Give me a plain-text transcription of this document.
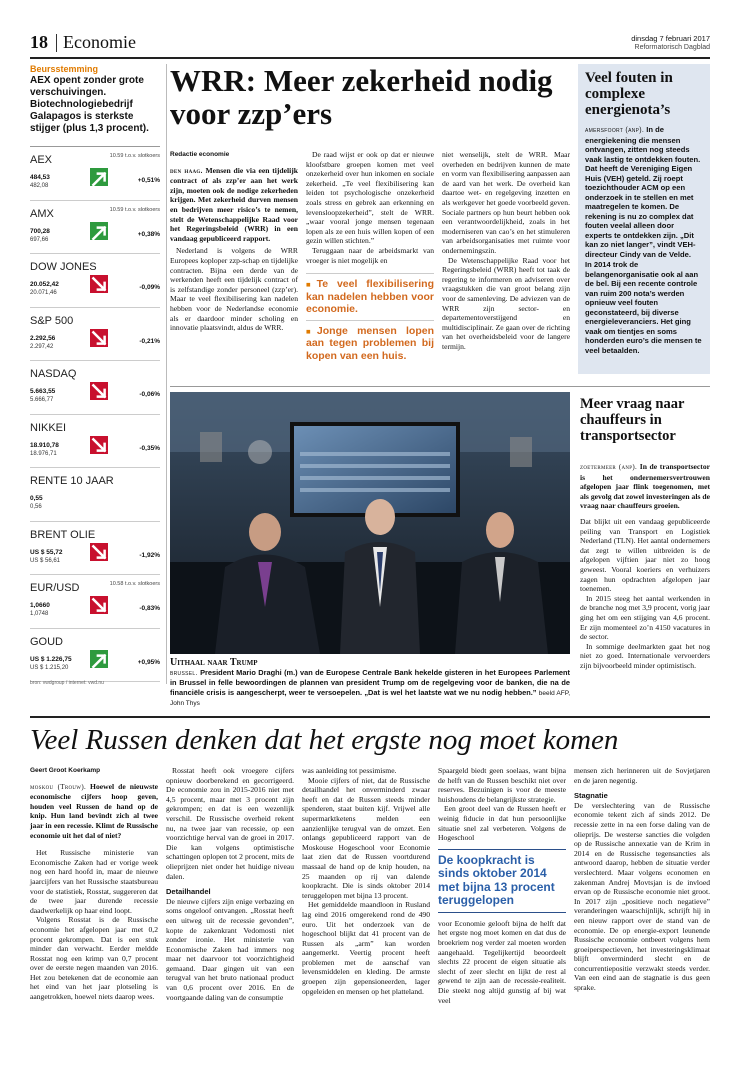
18 Economie	dinsdag 7 februari 2017
Reformatorisch Dagblad
Beursstemming
AEX opent zonder grote verschuivingen. Biotechnologiebedrijf Galapagos is sterkste stijger (plus 1,3 procent).
AEX	10.59 t.o.v. slotkoers
484,53
482,08
+0,51%
AMX	10.59 t.o.v. slotkoers
700,28
697,66
+0,38%
DOW JONES
20.052,42
20.071,46
-0,09%
S&P 500
2.292,56
2.297,42
-0,21%
NASDAQ
5.663,55
5.666,77
-0,06%
NIKKEI
18.910,78
18.976,71
-0,35%
RENTE 10 JAAR
0,55
0,56
BRENT OLIE
US $ 55,72
US $ 56,61
-1,92%
EUR/USD	10.58 t.o.v. slotkoers
1,0660
1,0748
-0,83%
GOUD
US $ 1.226,75
US $ 1.215,20
+0,95%
bron: vwdgroup / internet: vwd.nu
WRR: Meer zekerheid nodig voor zzp’ers

Redactie economie

den haag. Mensen die via een tijdelijk contract of als zzp’er aan het werk zijn, moeten ook de nodige zekerheden krijgen. Met zekerheid durven mensen en bedrijven meer risico’s te nemen, stelt de Wetenschappelijke Raad voor het Regeringsbeleid (WRR) in een vandaag gepubliceerd rapport.

Nederland is volgens de WRR Europees koploper zzp-schap en tijdelijke contracten. Bijna een derde van de werkenden heeft een tijdelijk contract of is zelfstandige zonder personeel (zzp’er). Maar te veel flexibilisering kan nadelen hebben voor de Nederlandse economie als er daardoor minder scholing en innovatie plaatsvindt, aldus de WRR.

De raad wijst er ook op dat er nieuwe kloofstbare groepen komen met veel onzekerheid over hun inkomen en sociale zekerheid. „Te veel flexibilisering kan leiden tot psychologische onzekerheid zoals stress en gebrek aan erkenning en levensloopzekerheid”, stelt de WRR. „waar vooral jonge mensen tegenaan lopen als ze een huis willen kopen of een gezin willen stichten.”

Teruggaan naar de arbeidsmarkt van vroeger is niet mogelijk en

■Te veel flexibilisering kan nadelen hebben voor economie.
■Jonge mensen lopen aan tegen problemen bij kopen van een huis.

niet wenselijk, stelt de WRR. Maar overheden en bedrijven kunnen de mate en vorm van flexibilisering aanpassen aan de aard van het werk. De overheid kan daartoe wet- en regelgeving inzetten en als werkgever het goede voorbeeld geven. Sociale partners op hun beurt hebben ook een verantwoordelijkheid, zoals in het moderniseren van cao’s en het stimuleren van arbeidsorganisaties met ruimte voor ondernemingszin.

De Wetenschappelijke Raad voor het Regeringsbeleid (WRR) heeft tot taak de regering te informeren en adviseren over vraagstukken die van groot belang zijn voor de samenleving. De adviezen van de WRR zijn sector- en departementoverstijgend en multidisciplinair. Ze gaan over de richting van het overheidsbeleid voor de langere termijn.

Veel fouten in complexe energienota’s
amersfoort (anp). In de energiekening die mensen ontvangen, zitten nog steeds vaak lastig te ontdekken fouten. Dat heeft de Vereniging Eigen Huis (VEH) geteld. Zij roept toezichthouder ACM op een onderzoek in te stellen en met maatregelen te komen. De rekening is nu zo complex dat fouten veelal alleen door experts te ontdekken zijn. „Dit kan zo niet langer”, vindt VEH-directeur Cindy van de Velde.
In 2014 trok de belangenorganisatie ook al aan de bel. Bij een recente controle van ruim 200 nota’s werden opnieuw veel fouten geconstateerd, bij diverse energieleveranciers. Het ging vaak om tientjes en soms honderden euro’s die mensen te veel betaalden.
Uithaal naar Trump

brussel. President Mario Draghi (m.) van de Europese Centrale Bank hekelde gisteren in het Europees Parlement in Brussel in felle bewoordingen de plannen van president Trump om de regelgeving voor de banken, die na de financiële crisis is aangescherpt, weer te versoepelen. „Dat is wel het laatste wat we nu nodig hebben.” beeld AFP, John Thys

Meer vraag naar chauffeurs in transportsector

zoetermeer (anp). In de transportsector is het ondernemersvertrouwen afgelopen jaar flink toegenomen, met als gevolg dat zowel investeringen als de vraag naar chauffeurs groeien.

Dat blijkt uit een vandaag gepubliceerde peiling van Transport en Logistiek Nederland (TLN). Het aantal ondernemers dat zegt te willen uitbreiden is de afgelopen vijftien jaar niet zo hoog geweest. Vooral koeriers en verhuizers zagen hun opdrachten afgelopen jaar toenemen.

In 2015 steeg het aantal werkenden in de branche nog met 3,9 procent, vorig jaar ging het om een stijging van 4,6 procent. Er zijn momenteel zo’n 4150 vacatures in de sector.

In sommige deelmarkten gaat het nog niet zo goed. Internationale vervoerders zijn bijvoorbeeld minder optimistisch.

Veel Russen denken dat het ergste nog moet komen

Geert Groot Koerkamp

moskou (Trouw). Hoewel de nieuwste economische cijfers hoop geven, houden veel Russen de hand op de knip. Hun land bevindt zich al twee jaar in een recessie. Klimt de Russische economie uit het dal of niet?

Het Russische ministerie van Economische Zaken had er vorige week nog een hard hoofd in, maar de nieuwe jaarcijfers van het Russische staatsbureau voor de statistiek, Rosstat, suggereren dat de twee jaar durende recessie daadwerkelijk op haar eind loopt.

Volgens Rosstat is de Russische economie het afgelopen jaar met 0,2 procent gekrompen. Dat is een stuk minder dan verwacht. Eerder meldde Rosstat nog een krimp van 0,7 procent over de eerste negen maanden van 2016. Het zou betekenen dat de economie aan het eind van het jaar plotseling is aangetrokken, hoewel niets daarop wees.

Rosstat heeft ook vroegere cijfers opnieuw doorberekend en gecorrigeerd. De economie zou in 2015-2016 niet met 4,5 procent, maar met 3 procent zijn gekrompen; en dat is een wezenlijk verschil. De Russische overheid rekent nu, na twee jaar van recessie, op een voorzichtige herval van de groei in 2017. Die kan volgens optimistische schattingen oplopen tot 2 procent, mits de olieprijzen niet onder het huidige niveau dalen.

Detailhandel

De nieuwe cijfers zijn enige verbazing en soms ongeloof ontvangen. „Rosstat heeft een uitweg uit de recessie gevonden”, kopte de zakenkrant Vedomosti niet zonder ironie. Het ministerie van Economische Zaken had immers nog maar net daarvoor tot voorzichtigheid gemaand. Daar gingen uit van een terugval van het bruto nationaal product van 0,6 procent over 2016. En de voortgaande daling van de consumptie

was aanleiding tot pessimisme.

Mooie cijfers of niet, dat de Russische detailhandel het onverminderd zwaar heeft en dat de Russen steeds minder spenderen, staat buiten kijf. Vrijwel alle supermarktketens melden een aanzienlijke terugval van de omzet. Een onlangs gepubliceerd rapport van de Moskouse Hogeschool voor Economie laat zien dat de Russen voortdurend massaal de hand op de knip houden, na 25 maanden op rij van dalende koopkracht. Die is sinds oktober 2014 teruggelopen met bijna 13 procent.

Het gemiddelde maandloon in Rusland lag eind 2016 omgerekend rond de 490 euro. Uit het onderzoek van de hogeschool blijkt dat 41 procent van de Russen als „arm” kan worden aangemerkt. Veertig procent heeft problemen met de aanschaf van levensmiddelen en kleding. De armste groepen zijn gepensioneerden, lager opgeleiden en mensen op het platteland.

Spaargeld biedt geen soelaas, want bijna de helft van de Russen beschikt niet over reserves. Bezuinigen is voor de meeste huishoudens de belangrijkste strategie.

Een groot deel van de Russen heeft er weinig fiducie in dat hun persoonlijke situatie snel zal verbeteren. Volgens de Hogeschool

De koopkracht is sinds oktober 2014 met bijna 13 procent teruggelopen

voor Economie gelooft bijna de helft dat het ergste nog moet komen en dat dus de broekriem nog verder zal moeten worden aangehaald. Tegelijkertijd beoordeelt slechts 22 procent de eigen situatie als slecht of zeer slecht en lijkt de rest al gewend te zijn aan de recessie-realiteit. Die steekt nog altijd gunstig af bij wat veel

mensen zich herinneren uit de Sovjetjaren en de jaren negentig.

Stagnatie

De verslechtering van de Russische economie tekent zich af sinds 2012. De recessie zette in na een forse daling van de olieprijs. De westerse sancties die volgden op de Russische annexatie van de Krim in 2014 en de Russische tegensancties als antwoord daarop, hebben de situatie verder verslechterd. Maar volgens economen en zakenman Andrej Movtsjan is de invloed ervan op de Russische economie niet groot. In 2017 zijn „positieve noch negatieve” veranderingen waarschijnlijk, schrijft hij in een nieuw rapport over de stand van de economie. De op energie-export leunende Russische economie ontbeert volgens hem groeiperspectieven, het investeringsklimaat blijft onverminderd slecht en de concurrentiepositie verzwakt steeds verder. Van een eind aan de stagnatie is dus geen sprake.
